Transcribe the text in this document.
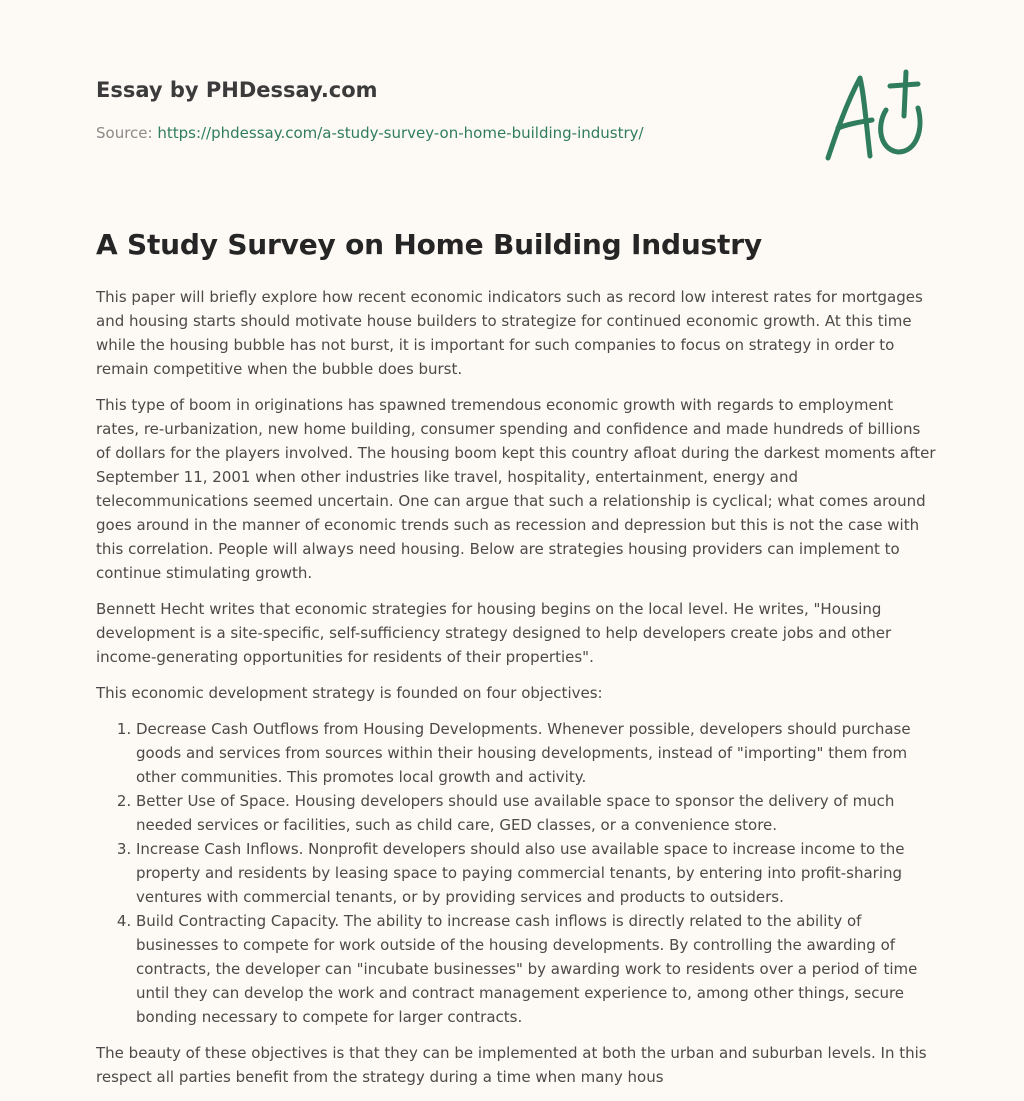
Essay by PHDessay.com
Source: https://phdessay.com/a-study-survey-on-home-building-industry/
A Study Survey on Home Building Industry

This paper will briefly explore how recent economic indicators such as record low interest rates for mortgages and housing starts should motivate house builders to strategize for continued economic growth. At this time while the housing bubble has not burst, it is important for such companies to focus on strategy in order to remain competitive when the bubble does burst.

This type of boom in originations has spawned tremendous economic growth with regards to employment rates, re-urbanization, new home building, consumer spending and confidence and made hundreds of billions of dollars for the players involved. The housing boom kept this country afloat during the darkest moments after September 11, 2001 when other industries like travel, hospitality, entertainment, energy and telecommunications seemed uncertain. One can argue that such a relationship is cyclical; what comes around goes around in the manner of economic trends such as recession and depression but this is not the case with this correlation. People will always need housing. Below are strategies housing providers can implement to continue stimulating growth.

Bennett Hecht writes that economic strategies for housing begins on the local level. He writes, "Housing development is a site-specific, self-sufficiency strategy designed to help developers create jobs and other income-generating opportunities for residents of their properties".

This economic development strategy is founded on four objectives:

1. Decrease Cash Outflows from Housing Developments. Whenever possible, developers should purchase goods and services from sources within their housing developments, instead of "importing" them from other communities. This promotes local growth and activity.
2. Better Use of Space. Housing developers should use available space to sponsor the delivery of much needed services or facilities, such as child care, GED classes, or a convenience store.
3. Increase Cash Inflows. Nonprofit developers should also use available space to increase income to the property and residents by leasing space to paying commercial tenants, by entering into profit-sharing ventures with commercial tenants, or by providing services and products to outsiders.
4. Build Contracting Capacity. The ability to increase cash inflows is directly related to the ability of businesses to compete for work outside of the housing developments. By controlling the awarding of contracts, the developer can "incubate businesses" by awarding work to residents over a period of time until they can develop the work and contract management experience to, among other things, secure bonding necessary to compete for larger contracts.

The beauty of these objectives is that they can be implemented at both the urban and suburban levels. In this respect all parties benefit from the strategy during a time when many hous
